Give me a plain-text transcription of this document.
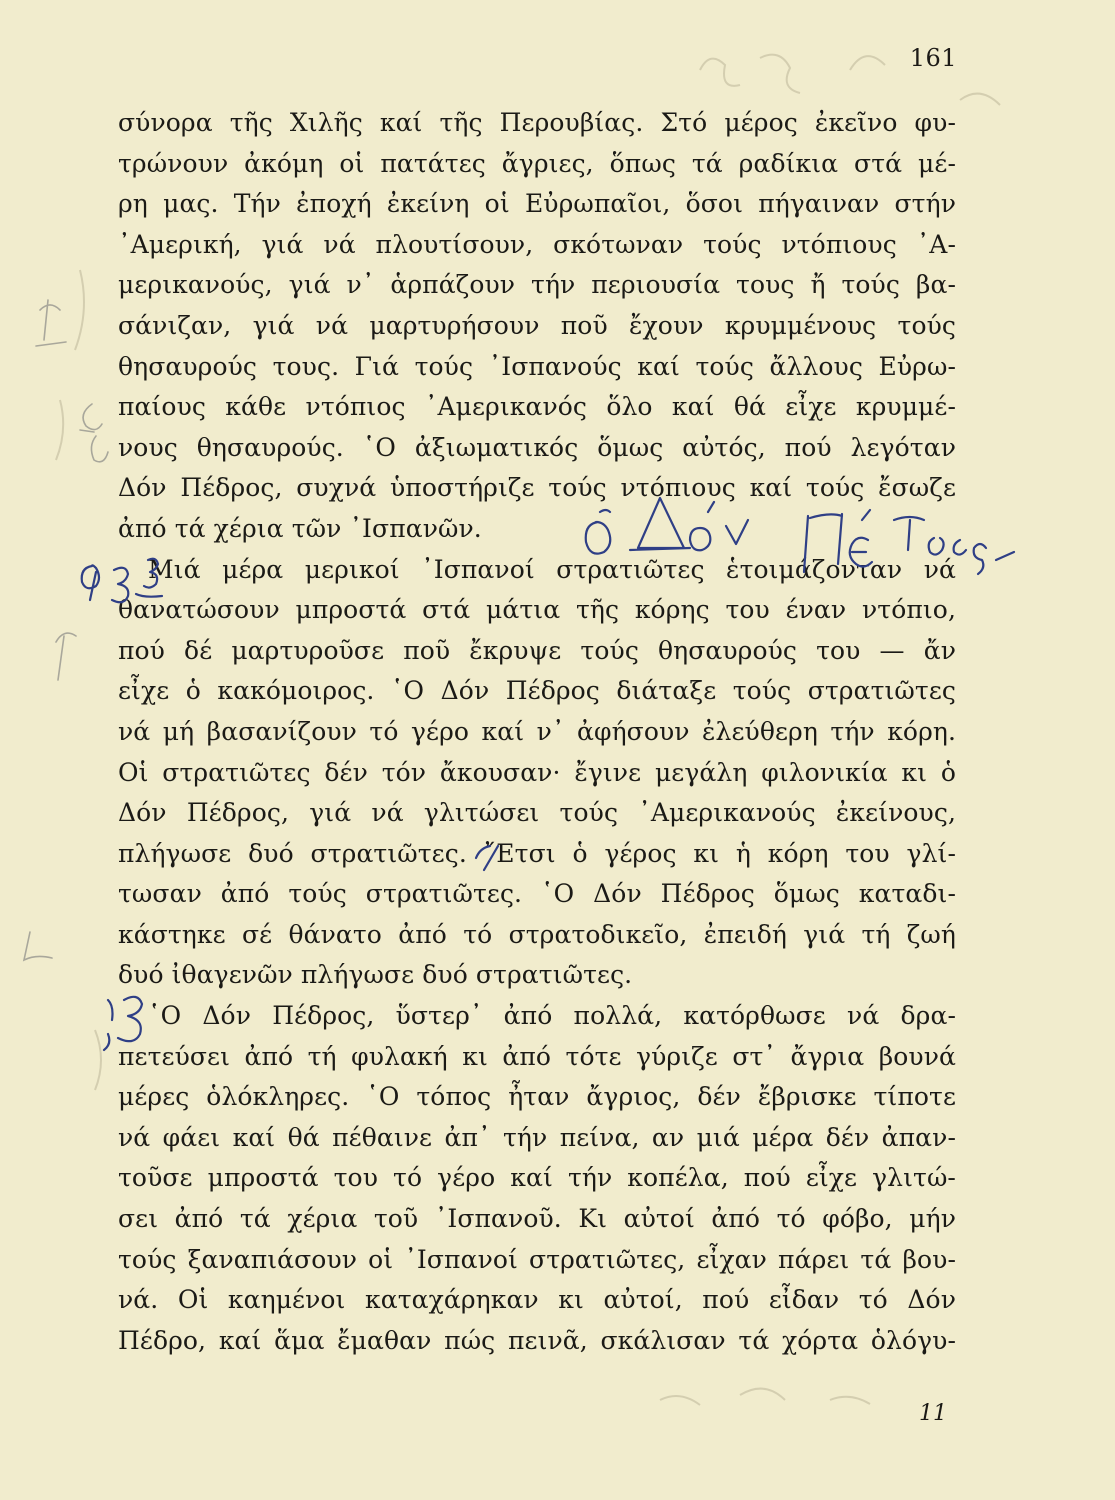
161
σύνορα τῆς Χιλῆς καί τῆς Περουβίας. Στό μέρος ἐκεῖνο φυ-
τρώνουν ἀκόμη οἱ πατάτες ἄγριες, ὅπως τά ραδίκια στά μέ-
ρη μας. Τήν ἐποχή ἐκείνη οἱ Εὐρωπαῖοι, ὅσοι πήγαιναν στήν
᾿Αμερική, γιά νά πλουτίσουν, σκότωναν τούς ντόπιους ᾿Α-
μερικανούς, γιά ν᾿ ἁρπάζουν τήν περιουσία τους ἤ τούς βα-
σάνιζαν, γιά νά μαρτυρήσουν ποῦ ἔχουν κρυμμένους τούς
θησαυρούς τους. Γιά τούς ᾿Ισπανούς καί τούς ἄλλους Εὐρω-
παίους κάθε ντόπιος ᾿Αμερικανός ὅλο καί θά εἶχε κρυμμέ-
νους θησαυρούς. ῾Ο ἀξιωματικός ὅμως αὐτός, πού λεγόταν
Δόν Πέδρος, συχνά ὑποστήριζε τούς ντόπιους καί τούς ἔσωζε
ἀπό τά χέρια τῶν ᾿Ισπανῶν.
Μιά μέρα μερικοί ᾿Ισπανοί στρατιῶτες ἑτοιμάζονταν νά
θανατώσουν μπροστά στά μάτια τῆς κόρης του έναν ντόπιο,
πού δέ μαρτυροῦσε ποῦ ἔκρυψε τούς θησαυρούς του — ἄν
εἶχε ὁ κακόμοιρος. ῾Ο Δόν Πέδρος διάταξε τούς στρατιῶτες
νά μή βασανίζουν τό γέρο καί ν᾿ ἀφήσουν ἐλεύθερη τήν κόρη.
Οἱ στρατιῶτες δέν τόν ἄκουσαν· ἔγινε μεγάλη φιλονικία κι ὁ
Δόν Πέδρος, γιά νά γλιτώσει τούς ᾿Αμερικανούς ἐκείνους,
πλήγωσε δυό στρατιῶτες. ῎Ετσι ὁ γέρος κι ἡ κόρη του γλί-
τωσαν ἀπό τούς στρατιῶτες. ῾Ο Δόν Πέδρος ὅμως καταδι-
κάστηκε σέ θάνατο ἀπό τό στρατοδικεῖο, ἐπειδή γιά τή ζωή
δυό ἰθαγενῶν πλήγωσε δυό στρατιῶτες.
῾Ο Δόν Πέδρος, ὕστερ᾿ ἀπό πολλά, κατόρθωσε νά δρα-
πετεύσει ἀπό τή φυλακή κι ἀπό τότε γύριζε στ᾿ ἄγρια βουνά
μέρες ὁλόκληρες. ῾Ο τόπος ἦταν ἄγριος, δέν ἔβρισκε τίποτε
νά φάει καί θά πέθαινε ἀπ᾿ τήν πείνα, αν μιά μέρα δέν ἀπαν-
τοῦσε μπροστά του τό γέρο καί τήν κοπέλα, πού εἶχε γλιτώ-
σει ἀπό τά χέρια τοῦ ᾿Ισπανοῦ. Κι αὐτοί ἀπό τό φόβο, μήν
τούς ξαναπιάσουν οἱ ᾿Ισπανοί στρατιῶτες, εἶχαν πάρει τά βου-
νά. Οἱ καημένοι καταχάρηκαν κι αὐτοί, πού εἶδαν τό Δόν
Πέδρο, καί ἅμα ἔμαθαν πώς πεινᾶ, σκάλισαν τά χόρτα ὁλόγυ-
11
